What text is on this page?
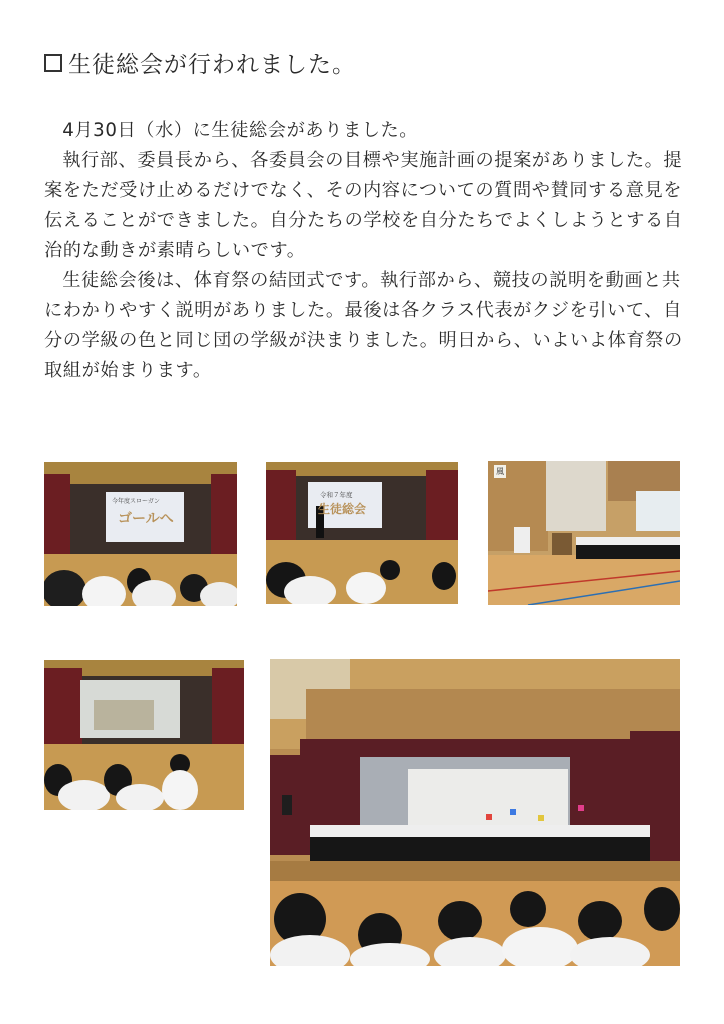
生徒総会が行われました。

4月30日（水）に生徒総会がありました。

執行部、委員長から、各委員会の目標や実施計画の提案がありました。提案をただ受け止めるだけでなく、その内容についての質問や賛同する意見を伝えることができました。自分たちの学校を自分たちでよくしようとする自治的な動きが素晴らしいです。

生徒総会後は、体育祭の結団式です。執行部から、競技の説明を動画と共にわかりやすく説明がありました。最後は各クラス代表がクジを引いて、自分の学級の色と同じ団の学級が決まりました。明日から、いよいよ体育祭の取組が始まります。

今年度スローガン
ゴールへ
令和７年度
生徒総会
風
